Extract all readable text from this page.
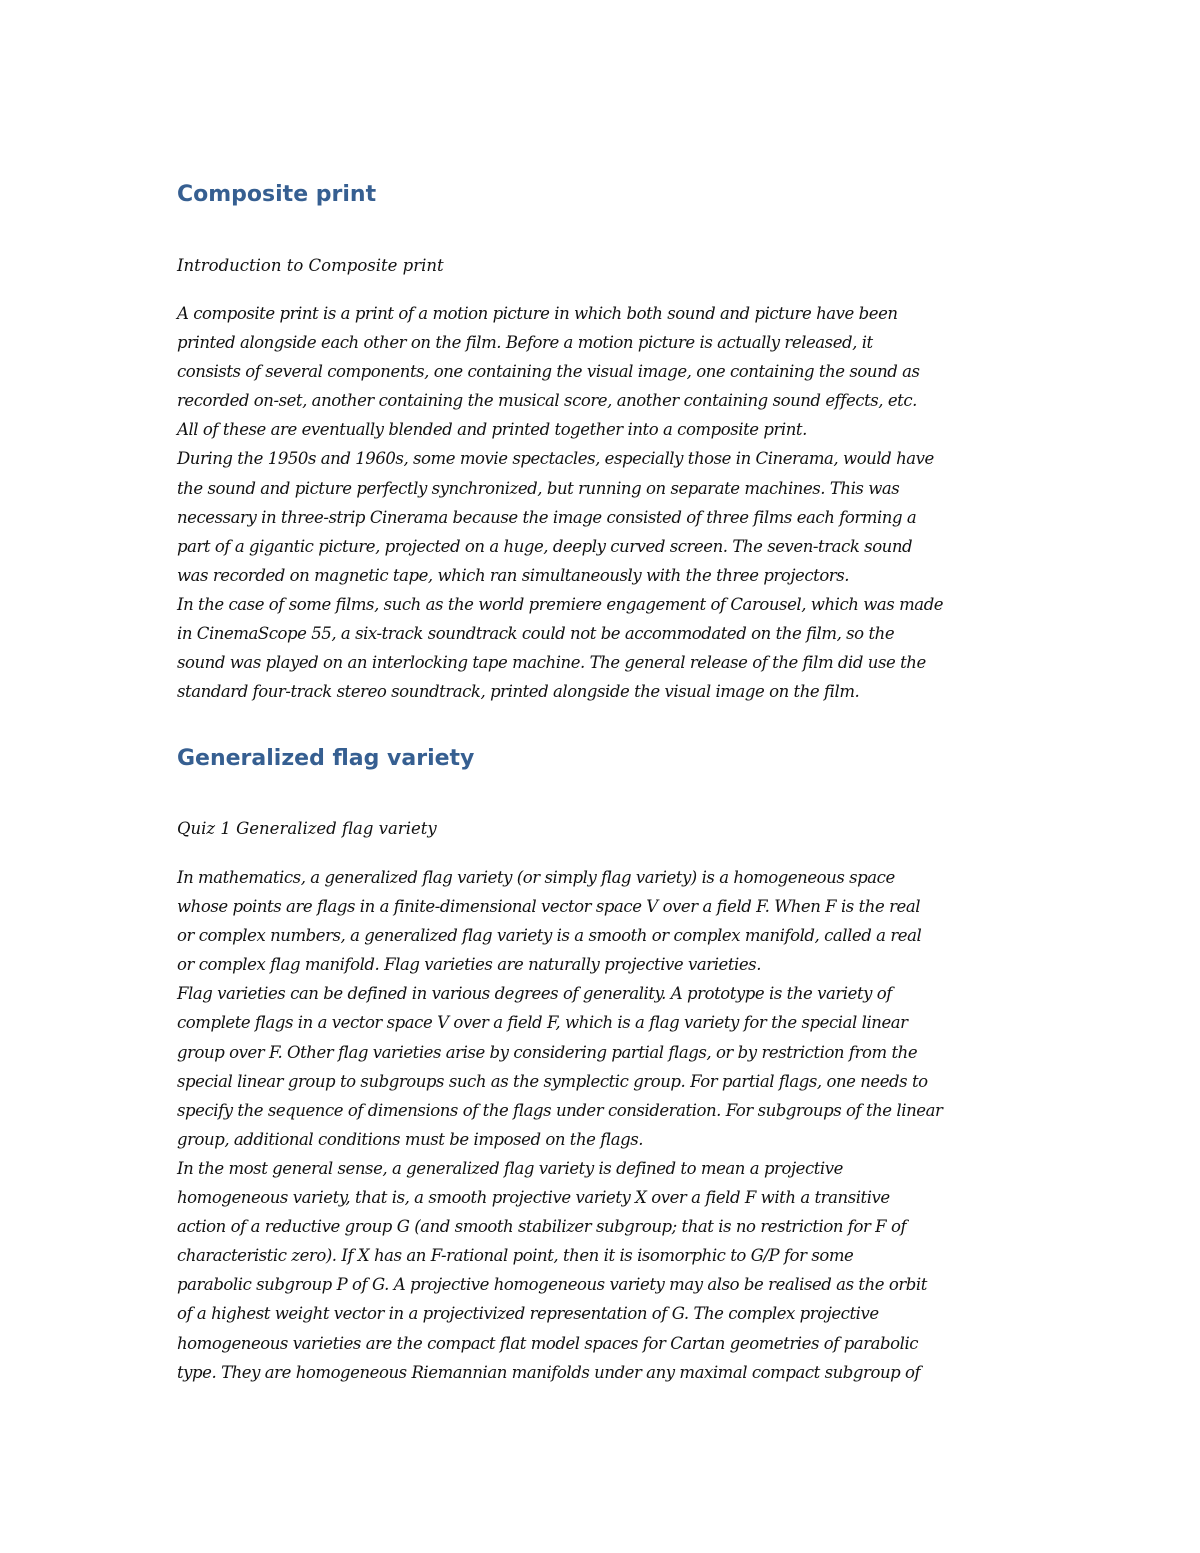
Composite print

Introduction to Composite print

A composite print is a print of a motion picture in which both sound and picture have been
printed alongside each other on the film. Before a motion picture is actually released, it
consists of several components, one containing the visual image, one containing the sound as
recorded on-set, another containing the musical score, another containing sound effects, etc.
All of these are eventually blended and printed together into a composite print.
During the 1950s and 1960s, some movie spectacles, especially those in Cinerama, would have
the sound and picture perfectly synchronized, but running on separate machines. This was
necessary in three-strip Cinerama because the image consisted of three films each forming a
part of a gigantic picture, projected on a huge, deeply curved screen. The seven-track sound
was recorded on magnetic tape, which ran simultaneously with the three projectors.
In the case of some films, such as the world premiere engagement of Carousel, which was made
in CinemaScope 55, a six-track soundtrack could not be accommodated on the film, so the
sound was played on an interlocking tape machine. The general release of the film did use the
standard four-track stereo soundtrack, printed alongside the visual image on the film.
Generalized flag variety

Quiz 1 Generalized flag variety

In mathematics, a generalized flag variety (or simply flag variety) is a homogeneous space
whose points are flags in a finite-dimensional vector space V over a field F. When F is the real
or complex numbers, a generalized flag variety is a smooth or complex manifold, called a real
or complex flag manifold. Flag varieties are naturally projective varieties.
Flag varieties can be defined in various degrees of generality. A prototype is the variety of
complete flags in a vector space V over a field F, which is a flag variety for the special linear
group over F. Other flag varieties arise by considering partial flags, or by restriction from the
special linear group to subgroups such as the symplectic group. For partial flags, one needs to
specify the sequence of dimensions of the flags under consideration. For subgroups of the linear
group, additional conditions must be imposed on the flags.
In the most general sense, a generalized flag variety is defined to mean a projective
homogeneous variety, that is, a smooth projective variety X over a field F with a transitive
action of a reductive group G (and smooth stabilizer subgroup; that is no restriction for F of
characteristic zero). If X has an F-rational point, then it is isomorphic to G/P for some
parabolic subgroup P of G. A projective homogeneous variety may also be realised as the orbit
of a highest weight vector in a projectivized representation of G. The complex projective
homogeneous varieties are the compact flat model spaces for Cartan geometries of parabolic
type. They are homogeneous Riemannian manifolds under any maximal compact subgroup of
